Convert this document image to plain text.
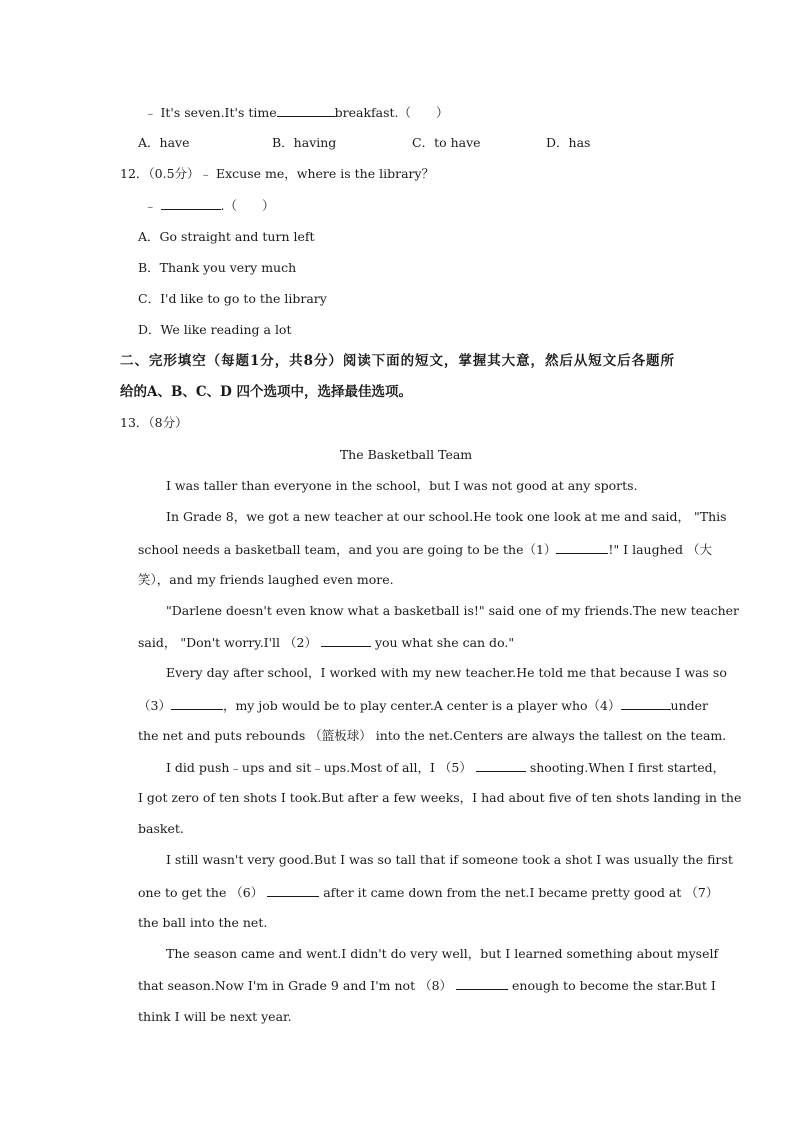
﹣ It's seven.It's time	breakfast.（　　）
A．have	B．having	C．to have	D．has
12．（0.5分）﹣ Excuse me，where is the library？
﹣	.（　　）
A．Go straight and turn left
B．Thank you very much
C．I'd like to go to the library
D．We like reading a lot
二、完形填空（每题1分，共8分）阅读下面的短文，掌握其大意，然后从短文后各题所
给的A、B、C、D 四个选项中，选择最佳选项。
13．（8分）
The Basketball Team
I was taller than everyone in the school，but I was not good at any sports.
In Grade 8，we got a new teacher at our school.He took one look at me and said， "This
school needs a basketball team，and you are going to be the（1）	!" I laughed （大
笑），and my friends laughed even more.
"Darlene doesn't even know what a basketball is!" said one of my friends.The new teacher
said， "Don't worry.I'll （2）	you what she can do."
Every day after school，I worked with my new teacher.He told me that because I was so
（3）	，my job would be to play center.A center is a player who（4）	under
the net and puts rebounds （篮板球） into the net.Centers are always the tallest on the team.
I did push﹣ups and sit﹣ups.Most of all，I （5）	shooting.When I first started，
I got zero of ten shots I took.But after a few weeks，I had about five of ten shots landing in the
basket.
I still wasn't very good.But I was so tall that if someone took a shot I was usually the first
one to get the （6）	after it came down from the net.I became pretty good at （7）
the ball into the net.
The season came and went.I didn't do very well，but I learned something about myself
that season.Now I'm in Grade 9 and I'm not （8）	enough to become the star.But I
think I will be next year.
